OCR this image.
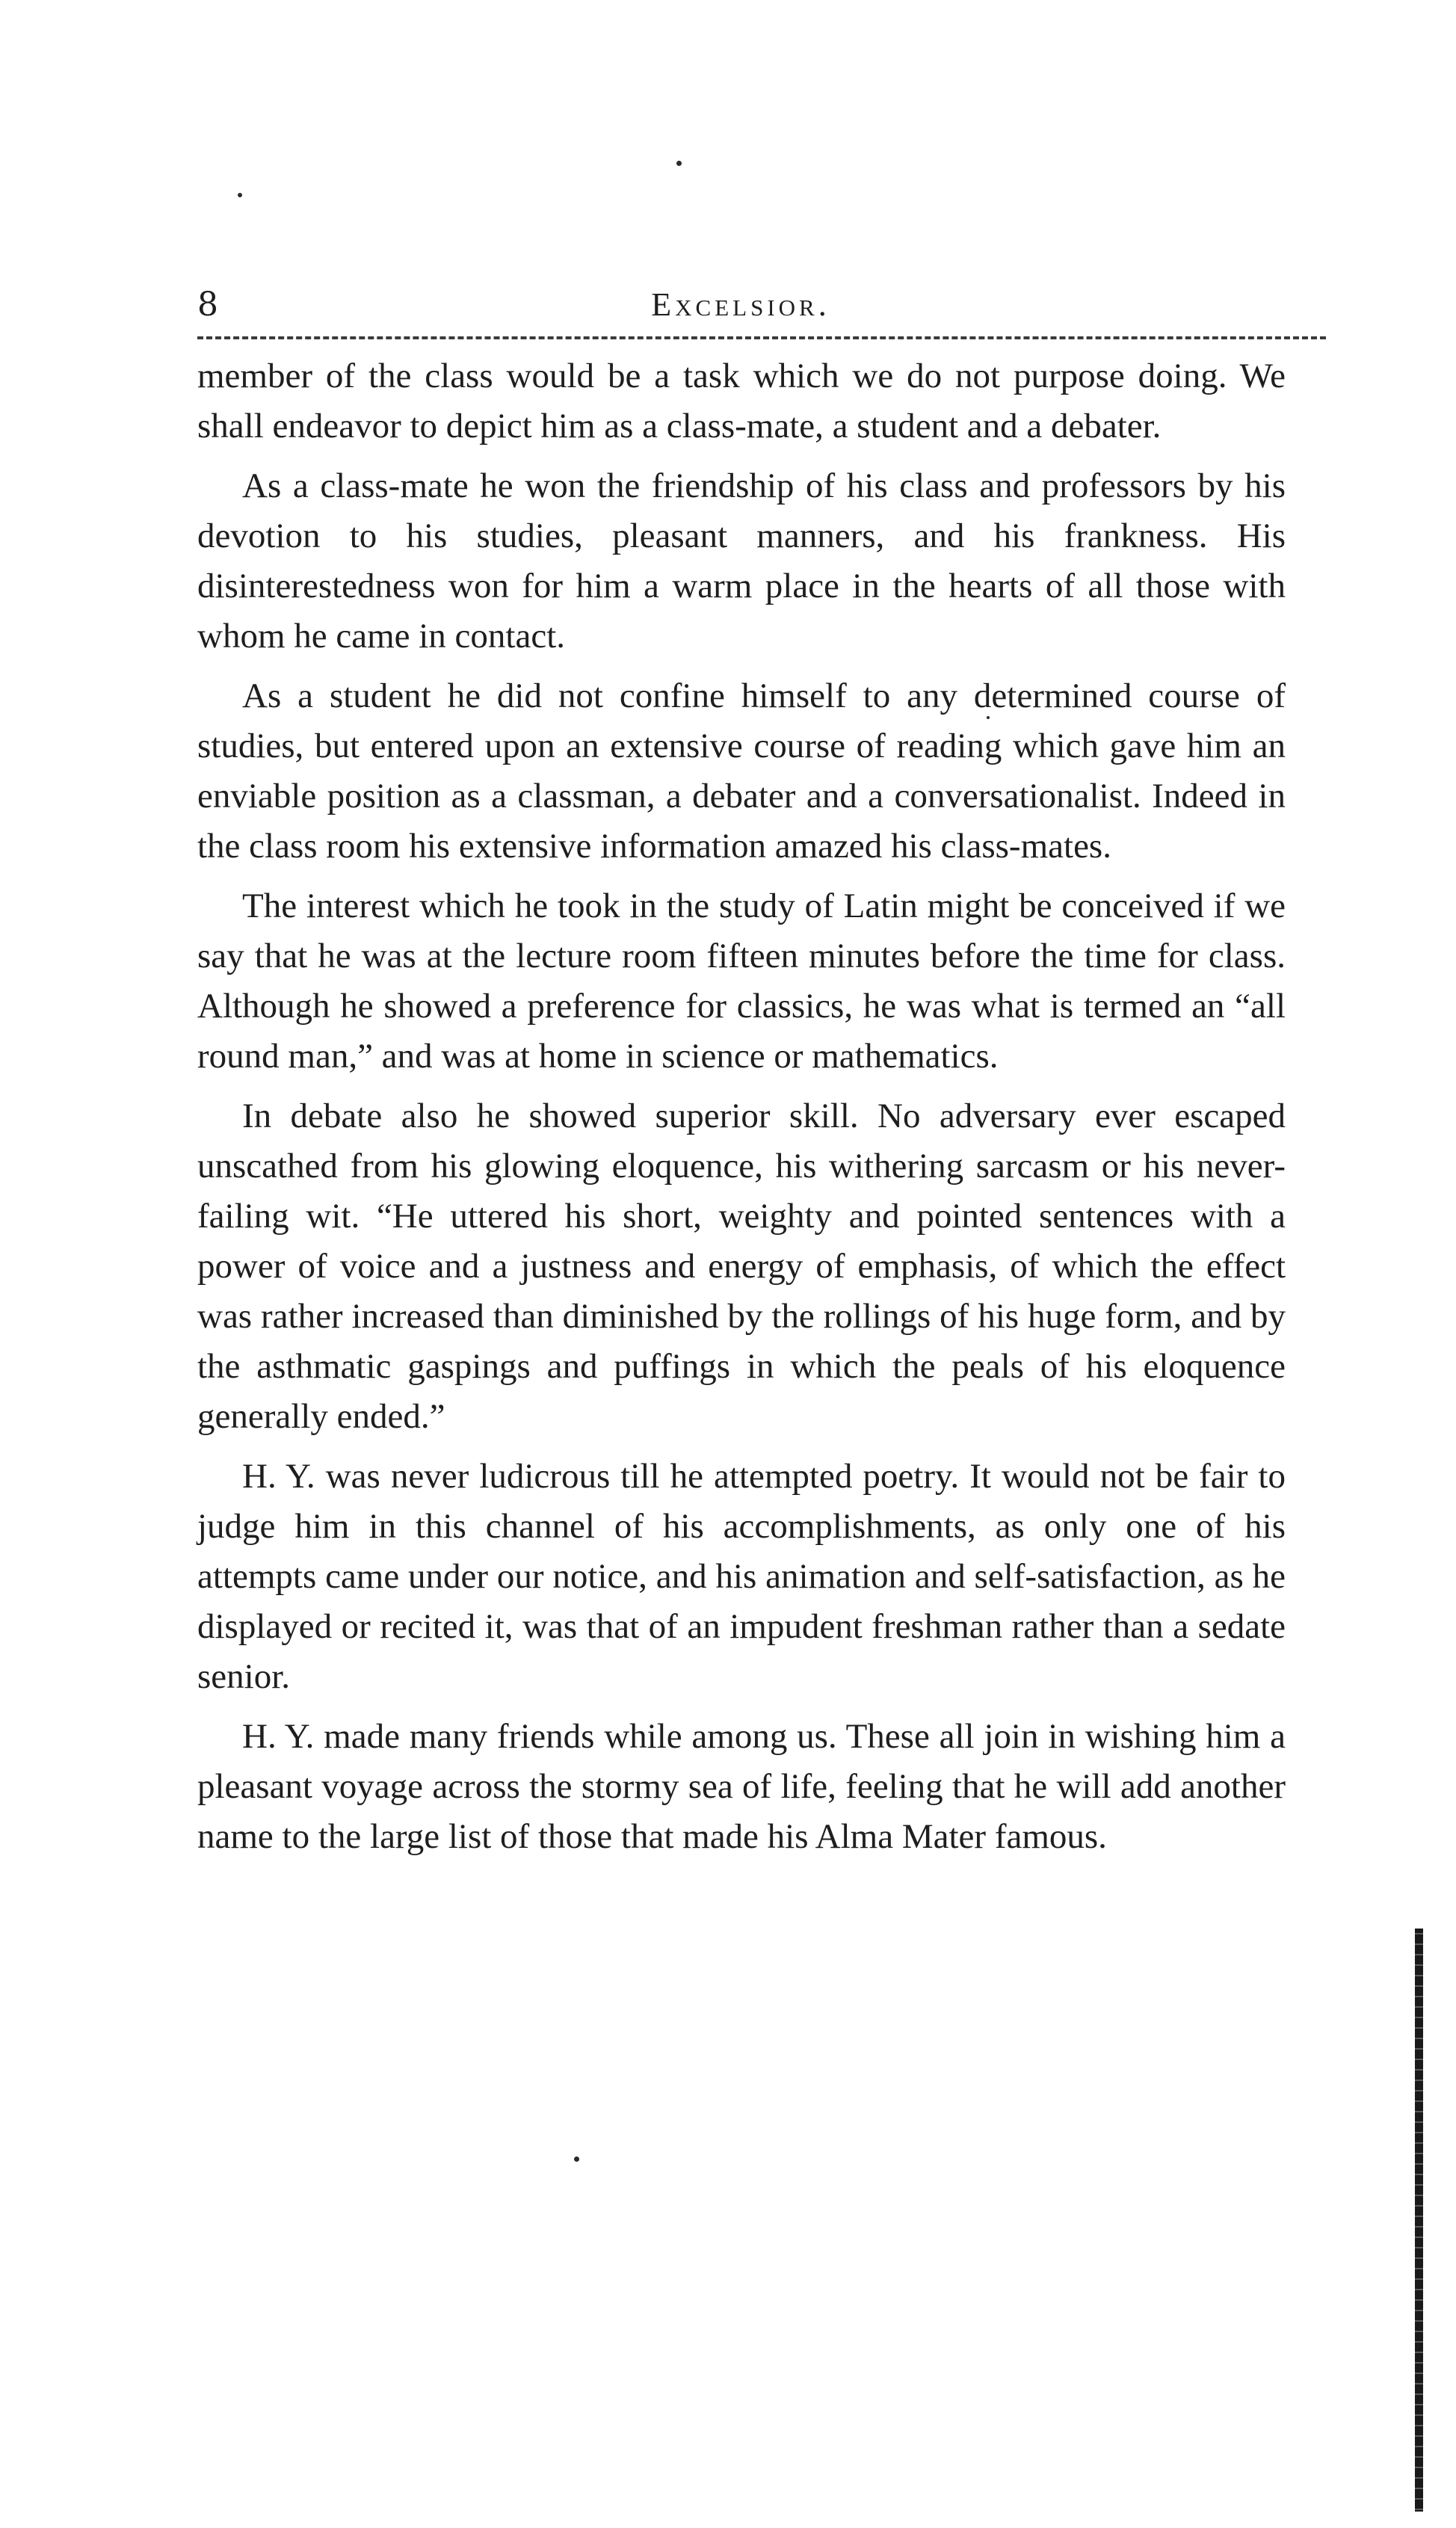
8	Excelsior.

member of the class would be a task which we do not purpose doing. We shall endeavor to depict him as a class-mate, a student and a debater.

As a class-mate he won the friendship of his class and professors by his devotion to his studies, pleasant manners, and his frankness. His disinterestedness won for him a warm place in the hearts of all those with whom he came in contact.

As a student he did not confine himself to any determined course of studies, but entered upon an extensive course of reading which gave him an enviable position as a classman, a debater and a conversationalist. Indeed in the class room his extensive information amazed his class-mates.

The interest which he took in the study of Latin might be conceived if we say that he was at the lecture room fifteen minutes before the time for class. Although he showed a preference for classics, he was what is termed an “all round man,” and was at home in science or mathematics.

In debate also he showed superior skill. No adversary ever escaped unscathed from his glowing eloquence, his withering sarcasm or his never-failing wit. “He uttered his short, weighty and pointed sentences with a power of voice and a justness and energy of emphasis, of which the effect was rather increased than diminished by the rollings of his huge form, and by the asthmatic gaspings and puffings in which the peals of his eloquence generally ended.”

H. Y. was never ludicrous till he attempted poetry. It would not be fair to judge him in this channel of his accomplishments, as only one of his attempts came under our notice, and his animation and self-satisfaction, as he displayed or recited it, was that of an impudent freshman rather than a sedate senior.

H. Y. made many friends while among us. These all join in wishing him a pleasant voyage across the stormy sea of life, feeling that he will add another name to the large list of those that made his Alma Mater famous.
